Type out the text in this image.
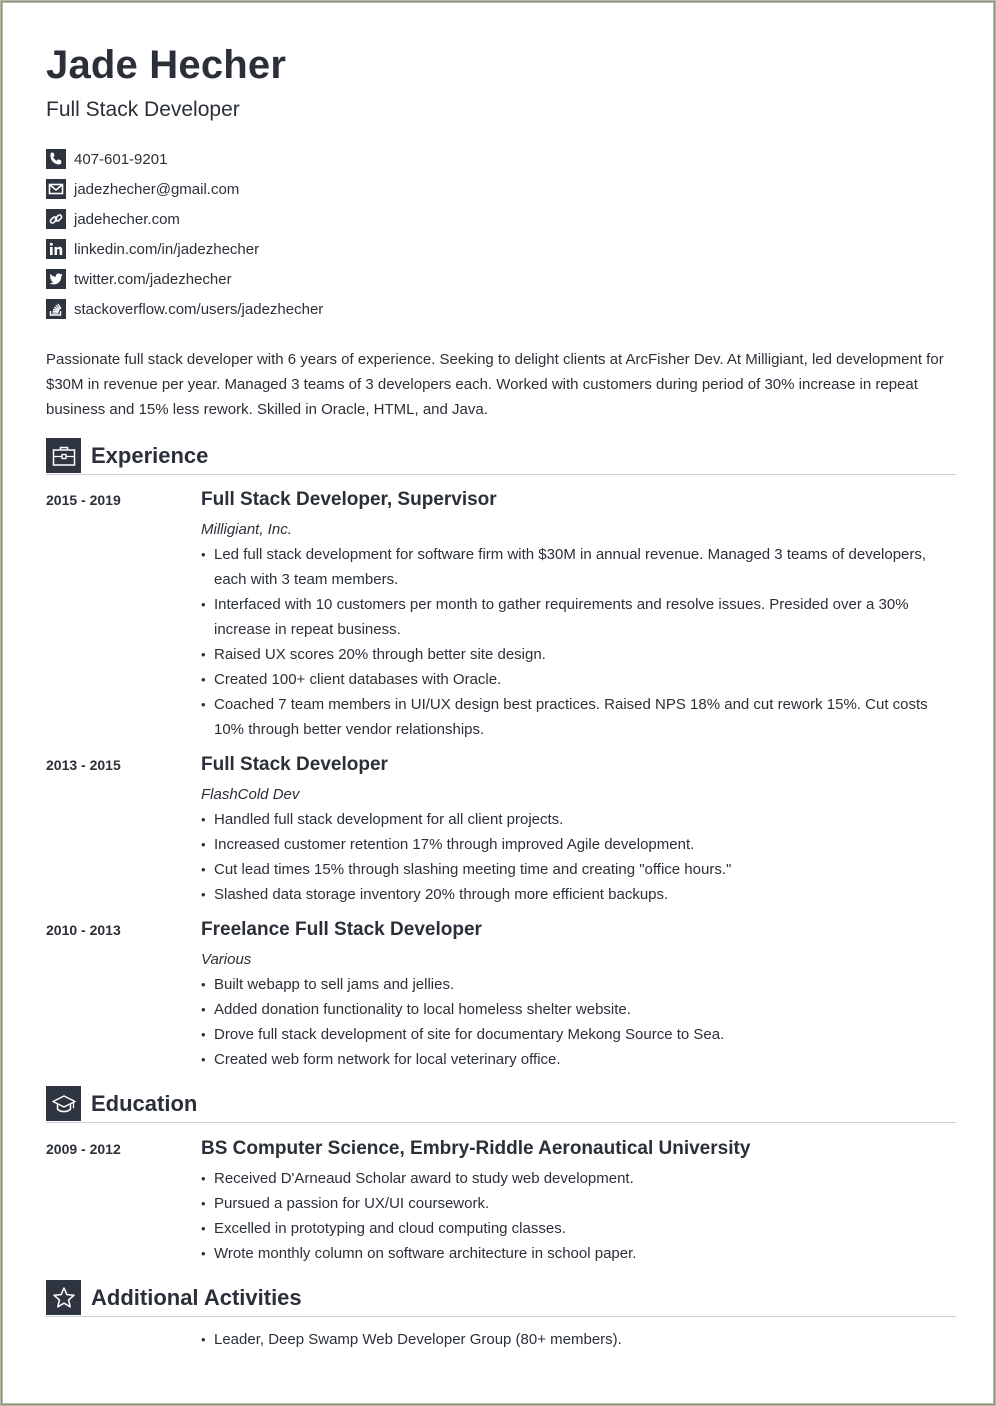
Jade Hecher
Full Stack Developer
407-601-9201
jadezhecher@gmail.com
jadehecher.com
linkedin.com/in/jadezhecher
twitter.com/jadezhecher
stackoverflow.com/users/jadezhecher

Passionate full stack developer with 6 years of experience. Seeking to delight clients at ArcFisher Dev. At Milligiant, led development for $30M in revenue per year. Managed 3 teams of 3 developers each. Worked with customers during period of 30% increase in repeat business and 15% less rework. Skilled in Oracle, HTML, and Java.

Experience
2015 - 2019	Full Stack Developer, Supervisor
Milligiant, Inc.
• Led full stack development for software firm with $30M in annual revenue. Managed 3 teams of developers, each with 3 team members.
• Interfaced with 10 customers per month to gather requirements and resolve issues. Presided over a 30% increase in repeat business.
• Raised UX scores 20% through better site design.
• Created 100+ client databases with Oracle.
• Coached 7 team members in UI/UX design best practices. Raised NPS 18% and cut rework 15%. Cut costs 10% through better vendor relationships.
2013 - 2015	Full Stack Developer
FlashCold Dev
• Handled full stack development for all client projects.
• Increased customer retention 17% through improved Agile development.
• Cut lead times 15% through slashing meeting time and creating "office hours."
• Slashed data storage inventory 20% through more efficient backups.
2010 - 2013	Freelance Full Stack Developer
Various
• Built webapp to sell jams and jellies.
• Added donation functionality to local homeless shelter website.
• Drove full stack development of site for documentary Mekong Source to Sea.
• Created web form network for local veterinary office.
Education
2009 - 2012	BS Computer Science, Embry-Riddle Aeronautical University
• Received D'Arneaud Scholar award to study web development.
• Pursued a passion for UX/UI coursework.
• Excelled in prototyping and cloud computing classes.
• Wrote monthly column on software architecture in school paper.
Additional Activities
• Leader, Deep Swamp Web Developer Group (80+ members).
